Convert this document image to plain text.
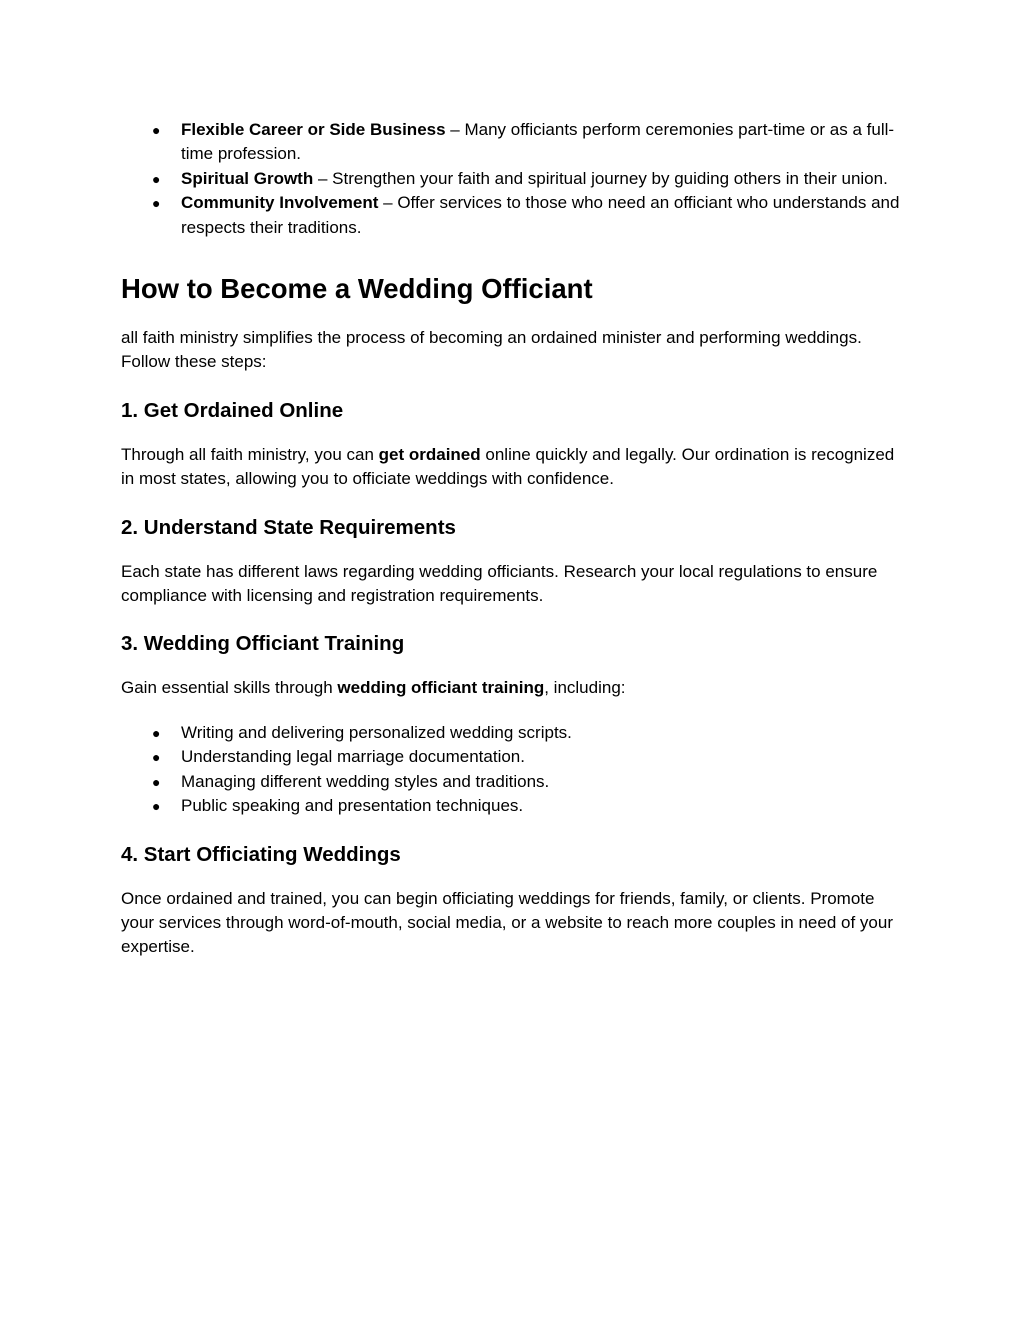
● Flexible Career or Side Business – Many officiants perform ceremonies part-time or as a full-time profession.
● Spiritual Growth – Strengthen your faith and spiritual journey by guiding others in their union.
● Community Involvement – Offer services to those who need an officiant who understands and respects their traditions.
How to Become a Wedding Officiant

all faith ministry simplifies the process of becoming an ordained minister and performing weddings. Follow these steps:

1. Get Ordained Online

Through all faith ministry, you can get ordained online quickly and legally. Our ordination is recognized in most states, allowing you to officiate weddings with confidence.

2. Understand State Requirements

Each state has different laws regarding wedding officiants. Research your local regulations to ensure compliance with licensing and registration requirements.

3. Wedding Officiant Training

Gain essential skills through wedding officiant training, including:

● Writing and delivering personalized wedding scripts.
● Understanding legal marriage documentation.
● Managing different wedding styles and traditions.
● Public speaking and presentation techniques.
4. Start Officiating Weddings

Once ordained and trained, you can begin officiating weddings for friends, family, or clients. Promote your services through word-of-mouth, social media, or a website to reach more couples in need of your expertise.
